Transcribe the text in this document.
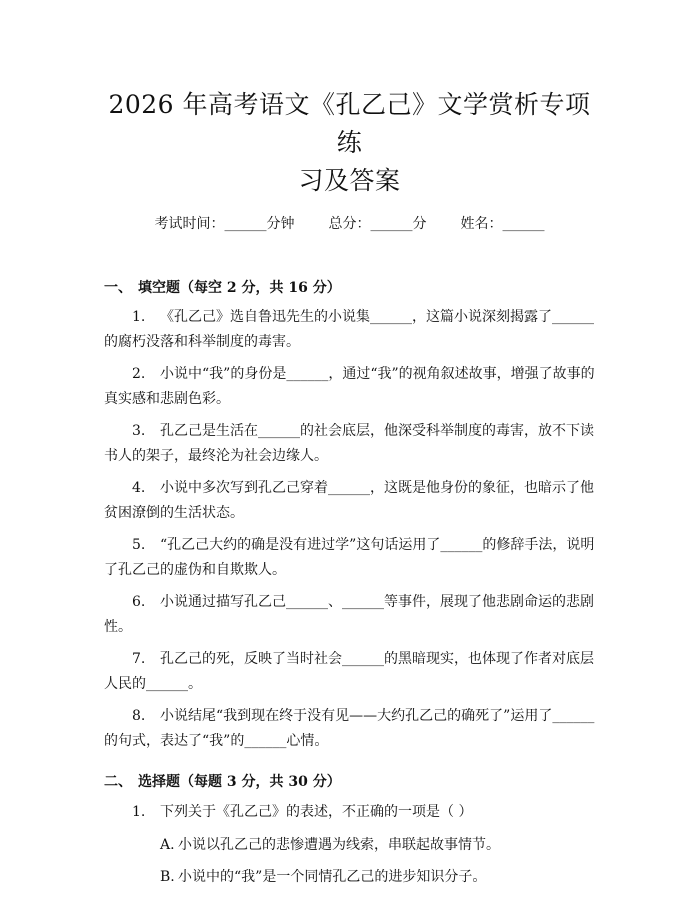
2026 年高考语文《孔乙己》文学赏析专项练
习及答案
考试时间：______分钟 总分：______分 姓名：______
一、 填空题（每空 2 分，共 16 分）

1. 《孔乙己》选自鲁迅先生的小说集______，这篇小说深刻揭露了______的腐朽没落和科举制度的毒害。

2. 小说中“我”的身份是______，通过“我”的视角叙述故事，增强了故事的真实感和悲剧色彩。

3. 孔乙己是生活在______的社会底层，他深受科举制度的毒害，放不下读书人的架子，最终沦为社会边缘人。

4. 小说中多次写到孔乙己穿着______，这既是他身份的象征，也暗示了他贫困潦倒的生活状态。

5. “孔乙己大约的确是没有进过学”这句话运用了______的修辞手法，说明了孔乙己的虚伪和自欺欺人。

6. 小说通过描写孔乙己______、______等事件，展现了他悲剧命运的悲剧性。

7. 孔乙己的死，反映了当时社会______的黑暗现实，也体现了作者对底层人民的______。

8. 小说结尾“我到现在终于没有见——大约孔乙己的确死了”运用了______的句式，表达了“我”的______心情。

二、 选择题（每题 3 分，共 30 分）

1. 下列关于《孔乙己》的表述，不正确的一项是（ ）

A. 小说以孔乙己的悲惨遭遇为线索，串联起故事情节。
B. 小说中的“我”是一个同情孔乙己的进步知识分子。
